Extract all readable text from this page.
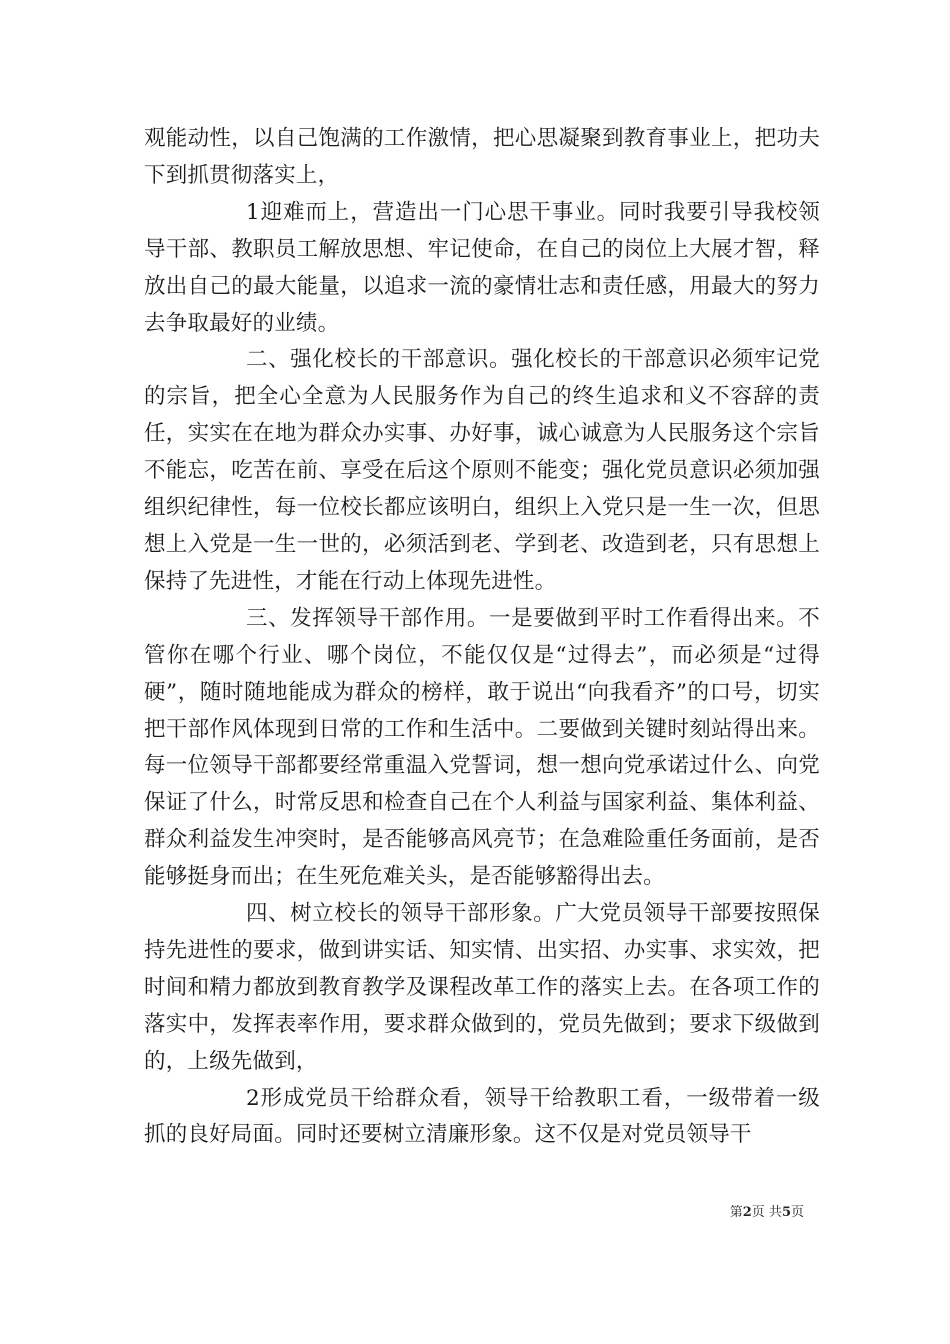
观能动性，以自己饱满的工作激情，把心思凝聚到教育事业上，把功夫下到抓贯彻落实上，

1迎难而上，营造出一门心思干事业。同时我要引导我校领导干部、教职员工解放思想、牢记使命，在自己的岗位上大展才智，释放出自己的最大能量，以追求一流的豪情壮志和责任感，用最大的努力去争取最好的业绩。

二、强化校长的干部意识。强化校长的干部意识必须牢记党的宗旨，把全心全意为人民服务作为自己的终生追求和义不容辞的责任，实实在在地为群众办实事、办好事，诚心诚意为人民服务这个宗旨不能忘，吃苦在前、享受在后这个原则不能变；强化党员意识必须加强组织纪律性，每一位校长都应该明白，组织上入党只是一生一次，但思想上入党是一生一世的，必须活到老、学到老、改造到老，只有思想上保持了先进性，才能在行动上体现先进性。

三、发挥领导干部作用。一是要做到平时工作看得出来。不管你在哪个行业、哪个岗位，不能仅仅是“过得去”，而必须是“过得硬”，随时随地能成为群众的榜样，敢于说出“向我看齐”的口号，切实把干部作风体现到日常的工作和生活中。二要做到关键时刻站得出来。每一位领导干部都要经常重温入党誓词，想一想向党承诺过什么、向党保证了什么，时常反思和检查自己在个人利益与国家利益、集体利益、群众利益发生冲突时，是否能够高风亮节；在急难险重任务面前，是否能够挺身而出；在生死危难关头，是否能够豁得出去。

四、树立校长的领导干部形象。广大党员领导干部要按照保持先进性的要求，做到讲实话、知实情、出实招、办实事、求实效，把时间和精力都放到教育教学及课程改革工作的落实上去。在各项工作的落实中，发挥表率作用，要求群众做到的，党员先做到；要求下级做到的，上级先做到，

2形成党员干给群众看，领导干给教职工看，一级带着一级抓的良好局面。同时还要树立清廉形象。这不仅是对党员领导干

第2页 共5页
